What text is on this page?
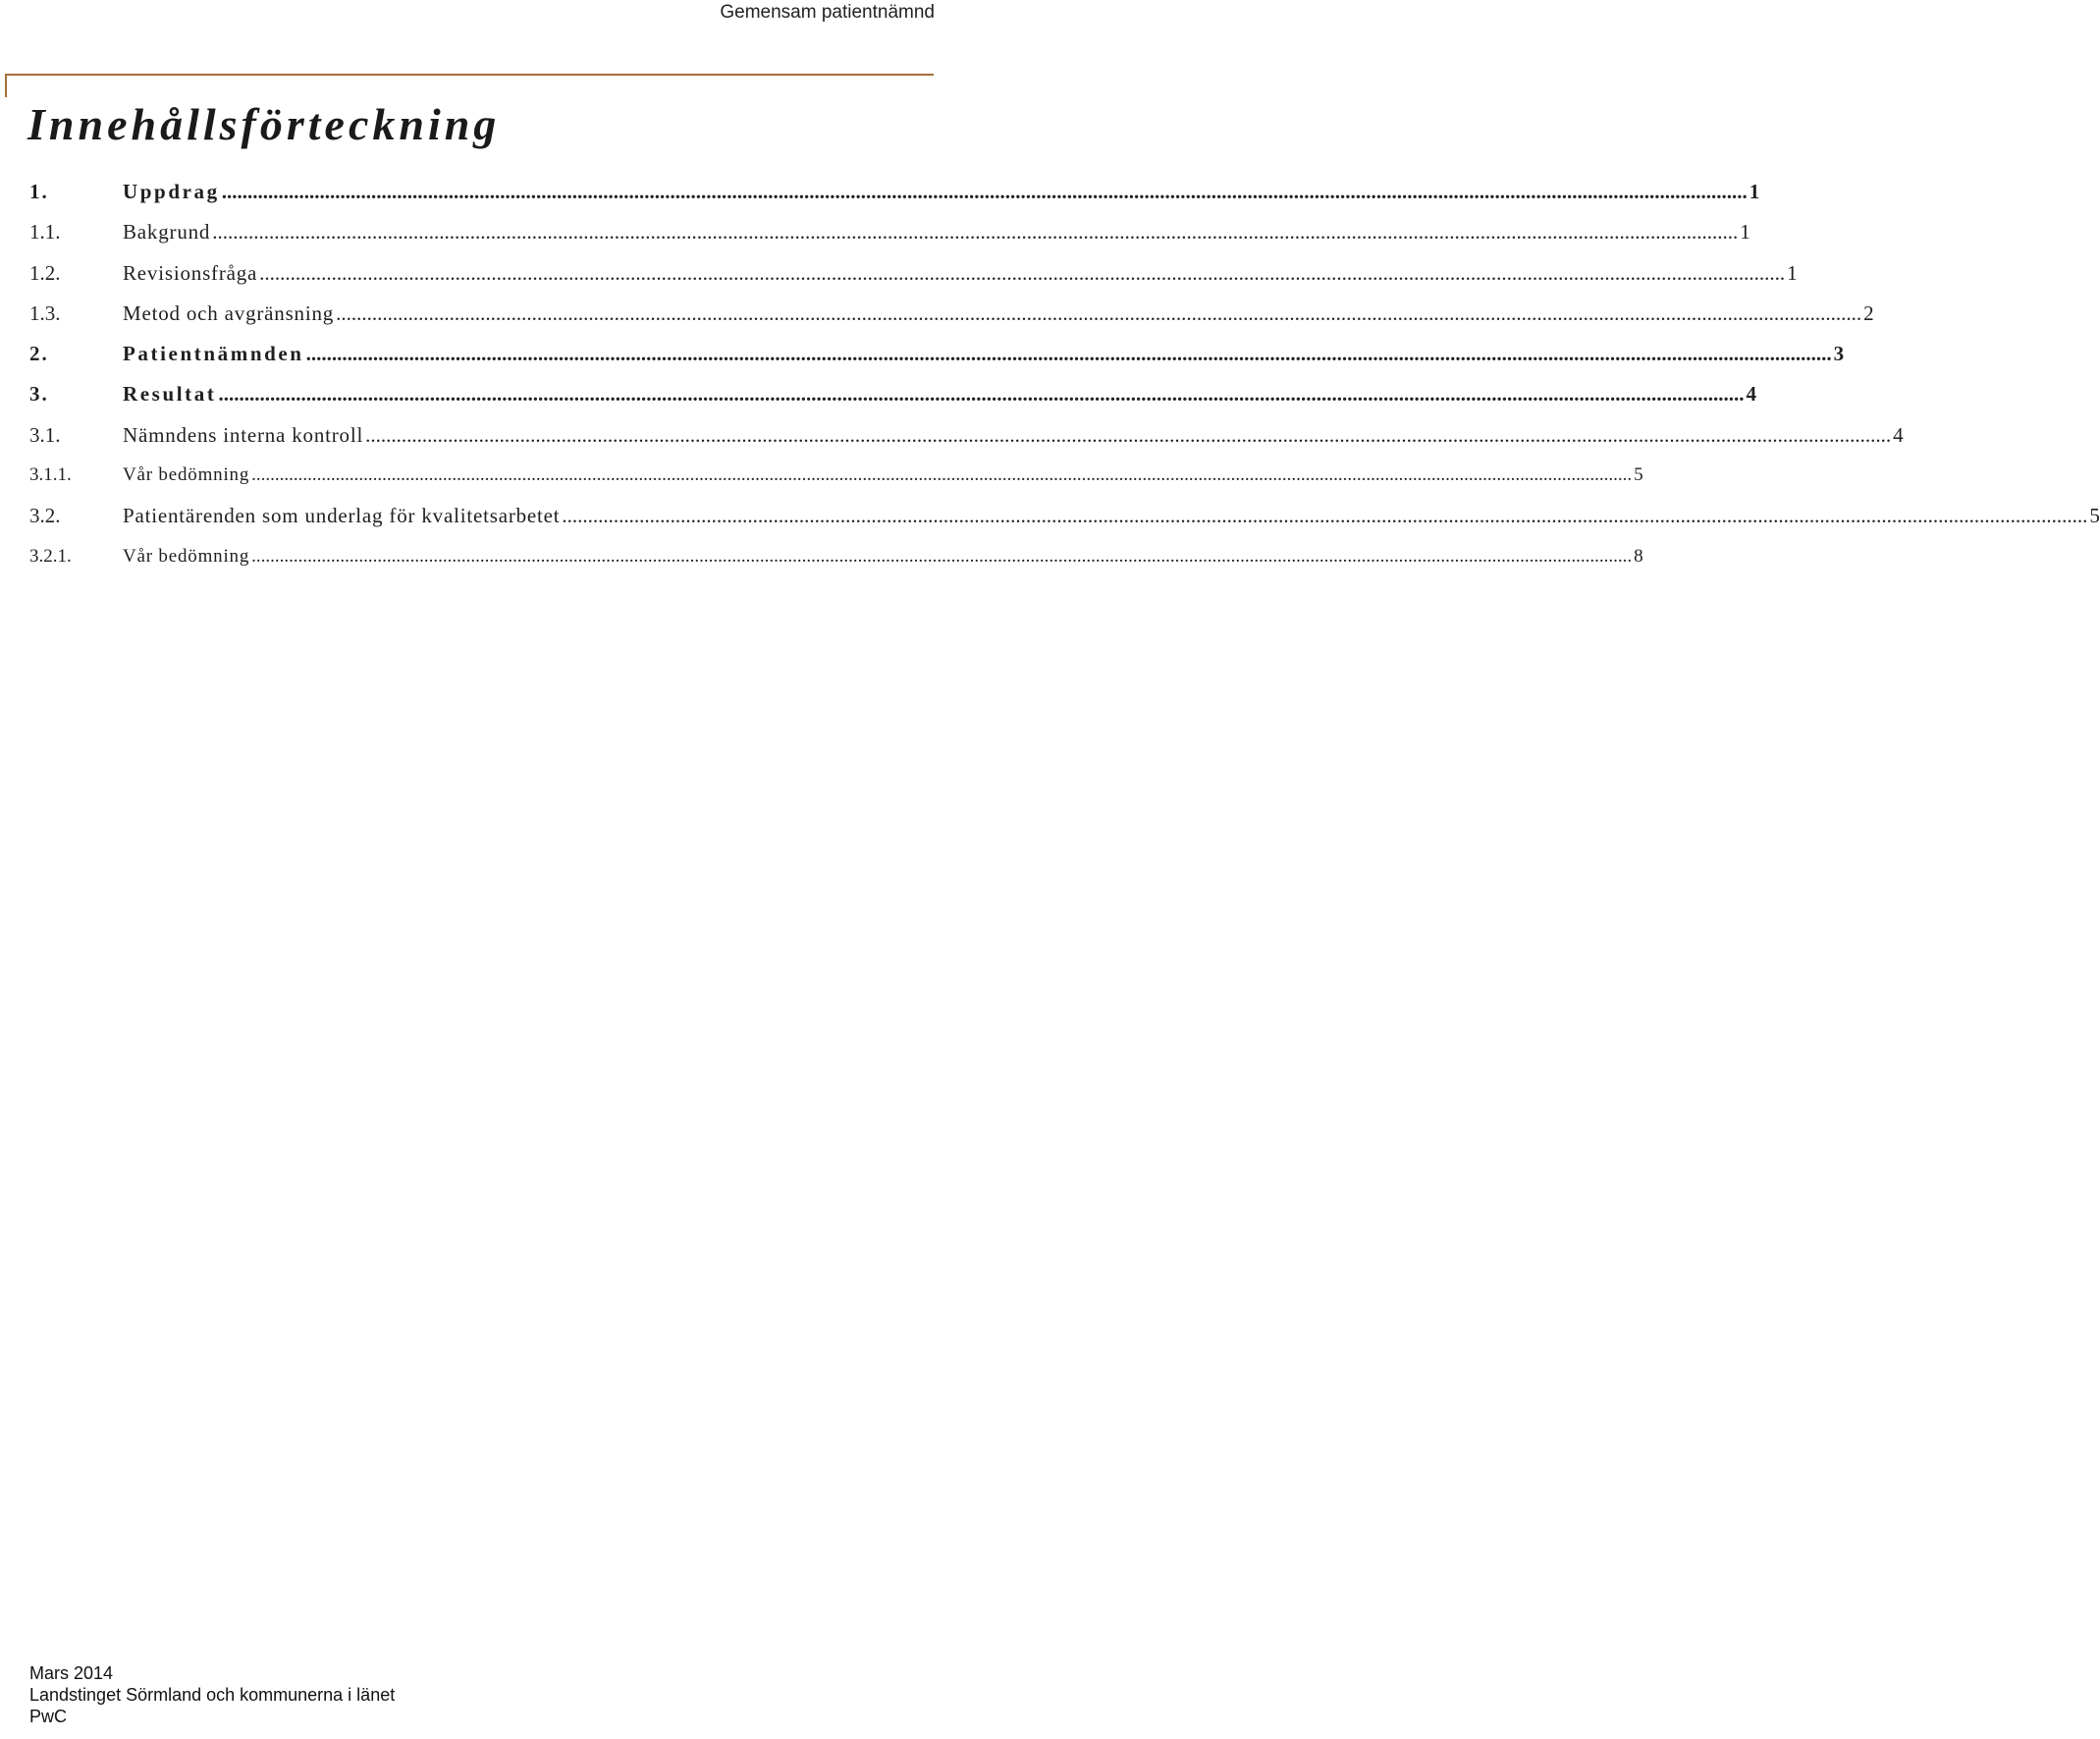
Gemensam patientnämnd
Innehållsförteckning
1.	Uppdrag .....	1
1.1.	Bakgrund .....	1
1.2.	Revisionsfråga .....	1
1.3.	Metod och avgränsning .....	2
2.	Patientnämnden .....	3
3.	Resultat .....	4
3.1.	Nämndens interna kontroll .....	4
3.1.1.	Vår bedömning .....	5
3.2.	Patientärenden som underlag för kvalitetsarbetet .....	5
3.2.1.	Vår bedömning .....	8
Mars 2014
Landstinget Sörmland och kommunerna i länet
PwC
